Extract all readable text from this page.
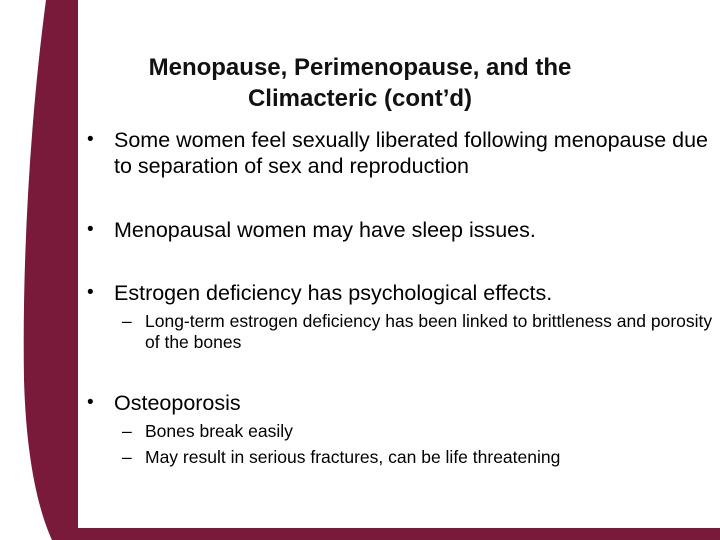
Menopause, Perimenopause, and the
Climacteric (cont’d)
• Some women feel sexually liberated following menopause due to separation of sex and reproduction
• Menopausal women may have sleep issues.
• Estrogen deficiency has psychological effects.
– Long-term estrogen deficiency has been linked to brittleness and porosity of the bones
• Osteoporosis
– Bones break easily
– May result in serious fractures, can be life threatening
